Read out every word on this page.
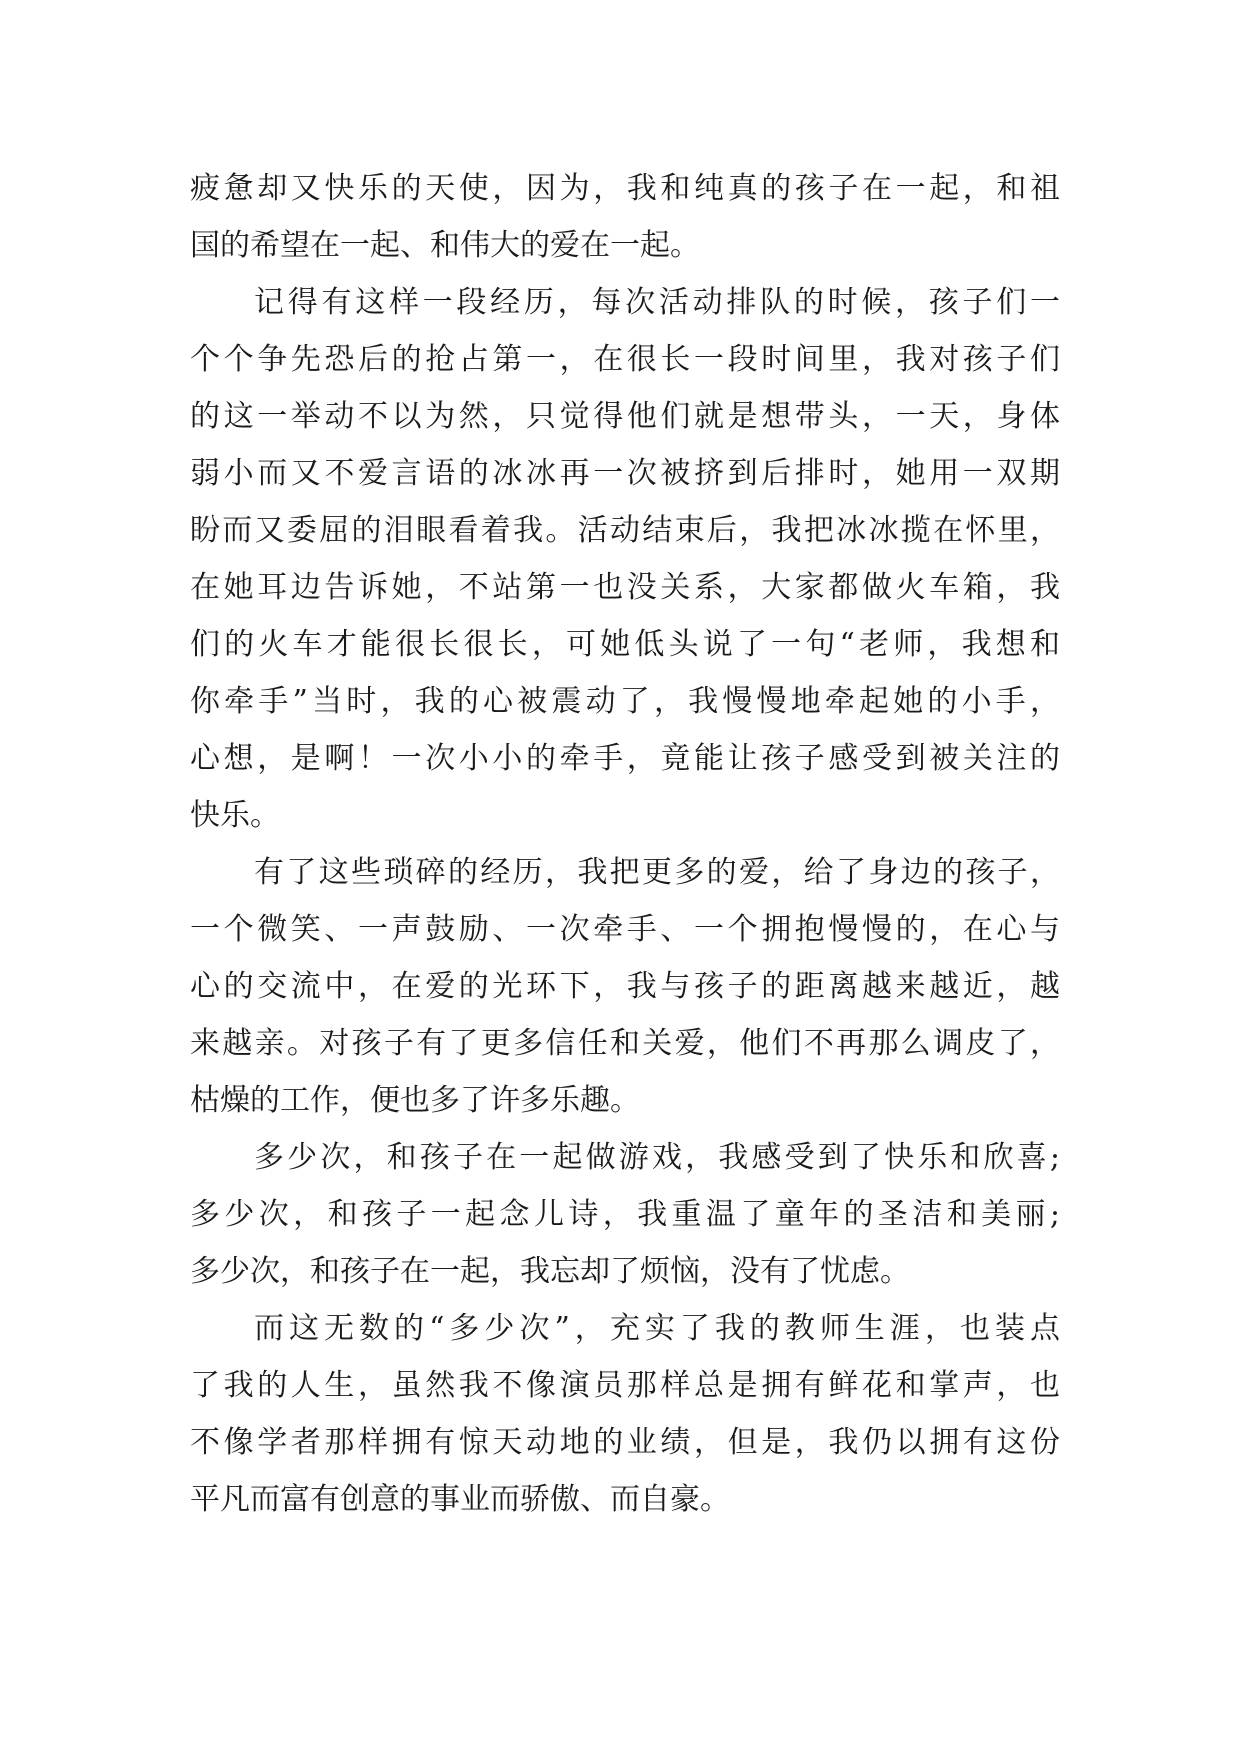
疲惫却又快乐的天使，因为，我和纯真的孩子在一起，和祖
国的希望在一起、和伟大的爱在一起。
记得有这样一段经历，每次活动排队的时候，孩子们一
个个争先恐后的抢占第一，在很长一段时间里，我对孩子们
的这一举动不以为然，只觉得他们就是想带头，一天，身体
弱小而又不爱言语的冰冰再一次被挤到后排时，她用一双期
盼而又委屈的泪眼看着我。活动结束后，我把冰冰揽在怀里，
在她耳边告诉她，不站第一也没关系，大家都做火车箱，我
们的火车才能很长很长，可她低头说了一句“老师，我想和
你牵手”当时，我的心被震动了，我慢慢地牵起她的小手，
心想，是啊！一次小小的牵手，竟能让孩子感受到被关注的
快乐。
有了这些琐碎的经历，我把更多的爱，给了身边的孩子，
一个微笑、一声鼓励、一次牵手、一个拥抱慢慢的，在心与
心的交流中，在爱的光环下，我与孩子的距离越来越近，越
来越亲。对孩子有了更多信任和关爱，他们不再那么调皮了，
枯燥的工作，便也多了许多乐趣。
多少次，和孩子在一起做游戏，我感受到了快乐和欣喜;
多少次，和孩子一起念儿诗，我重温了童年的圣洁和美丽;
多少次，和孩子在一起，我忘却了烦恼，没有了忧虑。
而这无数的“多少次”，充实了我的教师生涯，也装点
了我的人生，虽然我不像演员那样总是拥有鲜花和掌声，也
不像学者那样拥有惊天动地的业绩，但是，我仍以拥有这份
平凡而富有创意的事业而骄傲、而自豪。
